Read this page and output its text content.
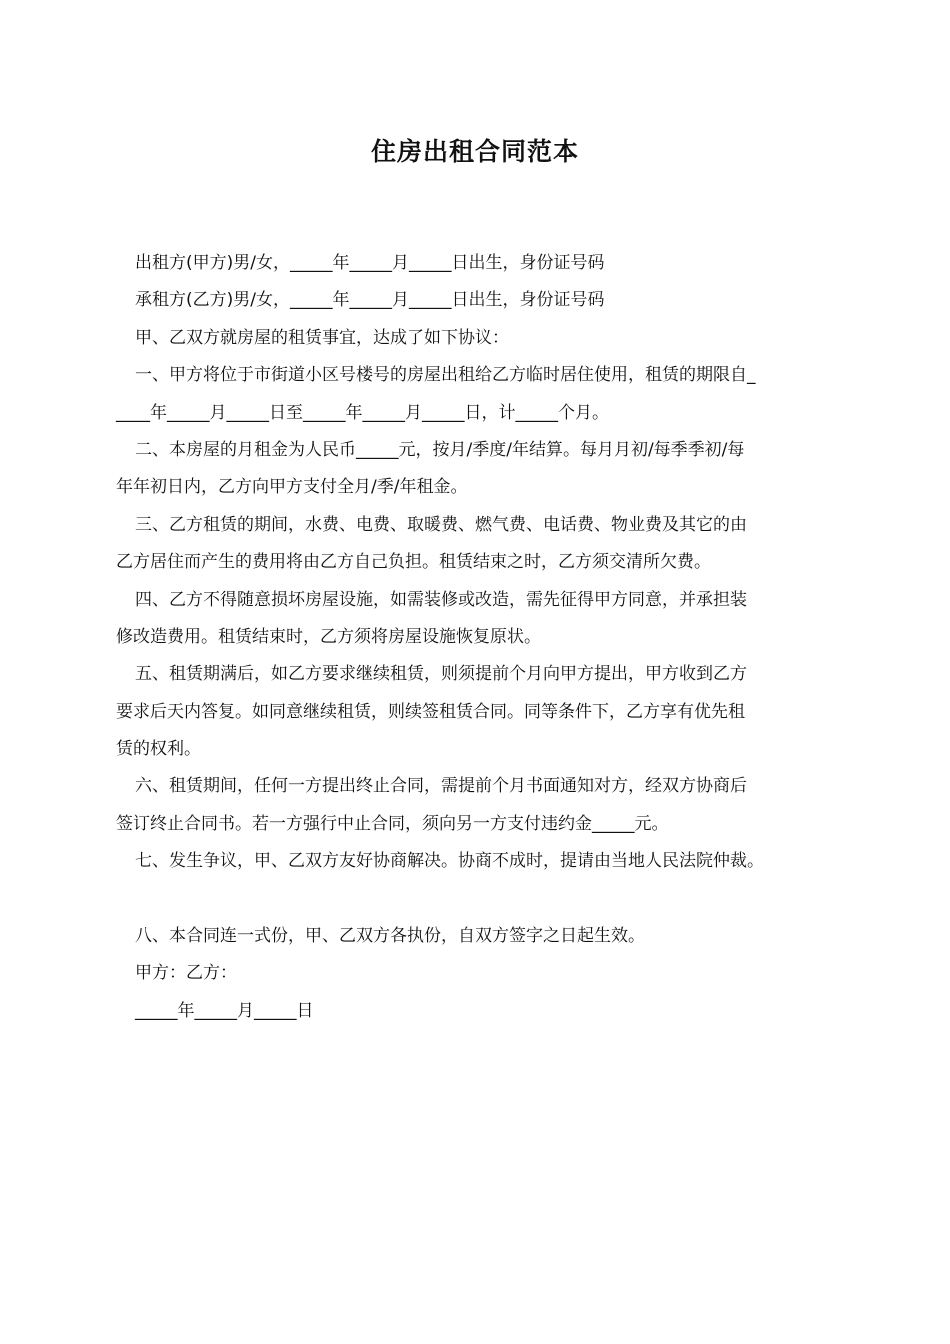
住房出租合同范本
出租方(甲方)男/女，_____年_____月_____日出生，身份证号码
承租方(乙方)男/女，_____年_____月_____日出生，身份证号码
甲、乙双方就房屋的租赁事宜，达成了如下协议：
一、甲方将位于市街道小区号楼号的房屋出租给乙方临时居住使用，租赁的期限自_
____年_____月_____日至_____年_____月_____日，计_____个月。
二、本房屋的月租金为人民币_____元，按月/季度/年结算。每月月初/每季季初/每
年年初日内，乙方向甲方支付全月/季/年租金。
三、乙方租赁的期间，水费、电费、取暖费、燃气费、电话费、物业费及其它的由
乙方居住而产生的费用将由乙方自己负担。租赁结束之时，乙方须交清所欠费。
四、乙方不得随意损坏房屋设施，如需装修或改造，需先征得甲方同意，并承担装
修改造费用。租赁结束时，乙方须将房屋设施恢复原状。
五、租赁期满后，如乙方要求继续租赁，则须提前个月向甲方提出，甲方收到乙方
要求后天内答复。如同意继续租赁，则续签租赁合同。同等条件下，乙方享有优先租
赁的权利。
六、租赁期间，任何一方提出终止合同，需提前个月书面通知对方，经双方协商后
签订终止合同书。若一方强行中止合同，须向另一方支付违约金_____元。
七、发生争议，甲、乙双方友好协商解决。协商不成时，提请由当地人民法院仲裁。
八、本合同连一式份，甲、乙双方各执份，自双方签字之日起生效。
甲方：乙方：
_____年_____月_____日
